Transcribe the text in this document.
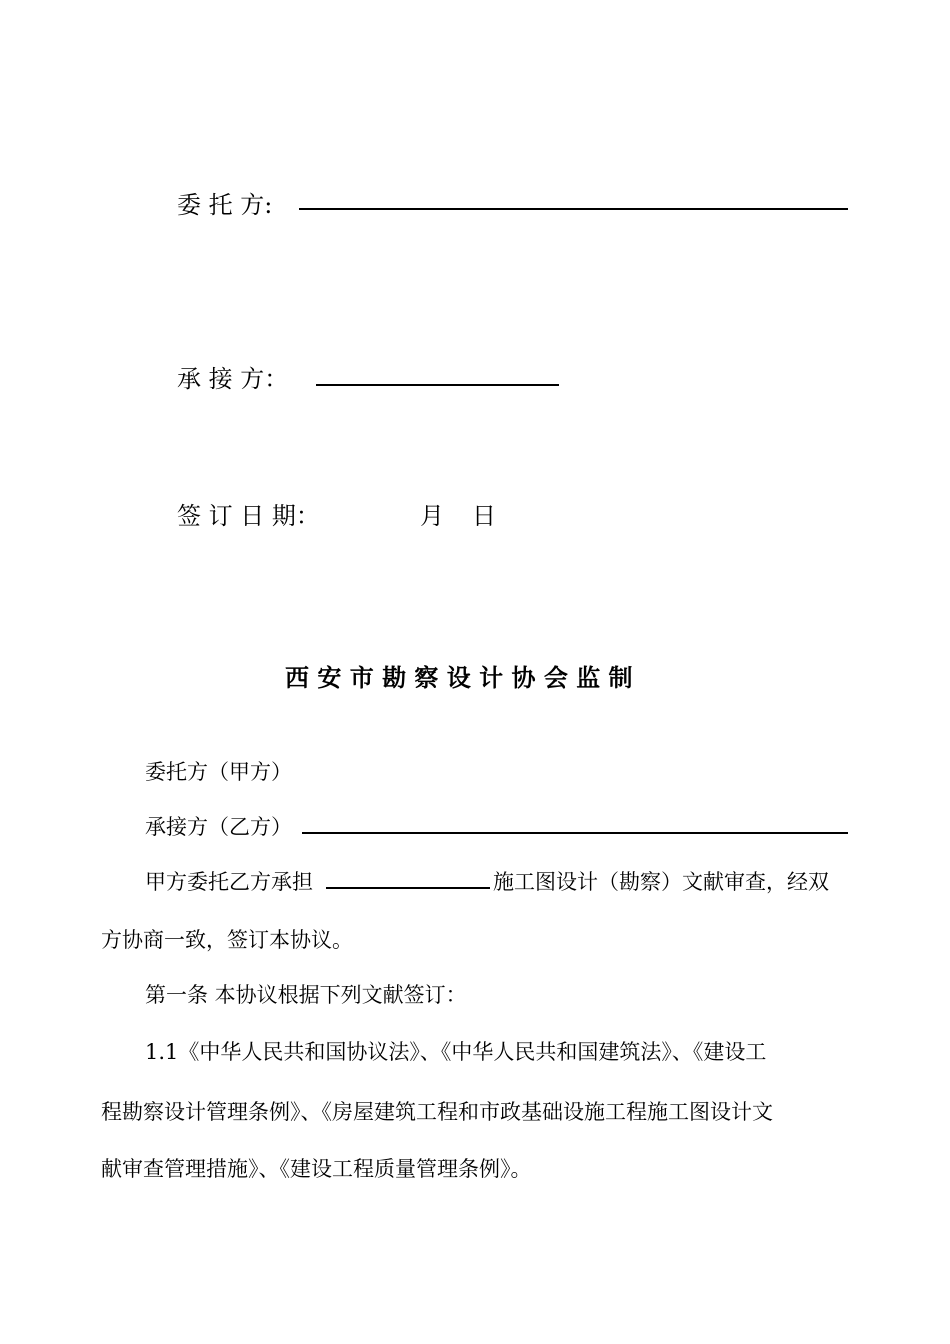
委 托 方:
承 接 方：
签 订 日 期：	月 日
西 安 市 勘 察 设 计 协 会 监 制
委托方（甲方）
承接方（乙方）
甲方委托乙方承担	施工图设计（勘察）文献审查，经双
方协商一致，签订本协议。
第一条 本协议根据下列文献签订：
1.1《中华人民共和国协议法》、《中华人民共和国建筑法》、《建设工
程勘察设计管理条例》、《房屋建筑工程和市政基础设施工程施工图设计文
献审查管理措施》、《建设工程质量管理条例》。
